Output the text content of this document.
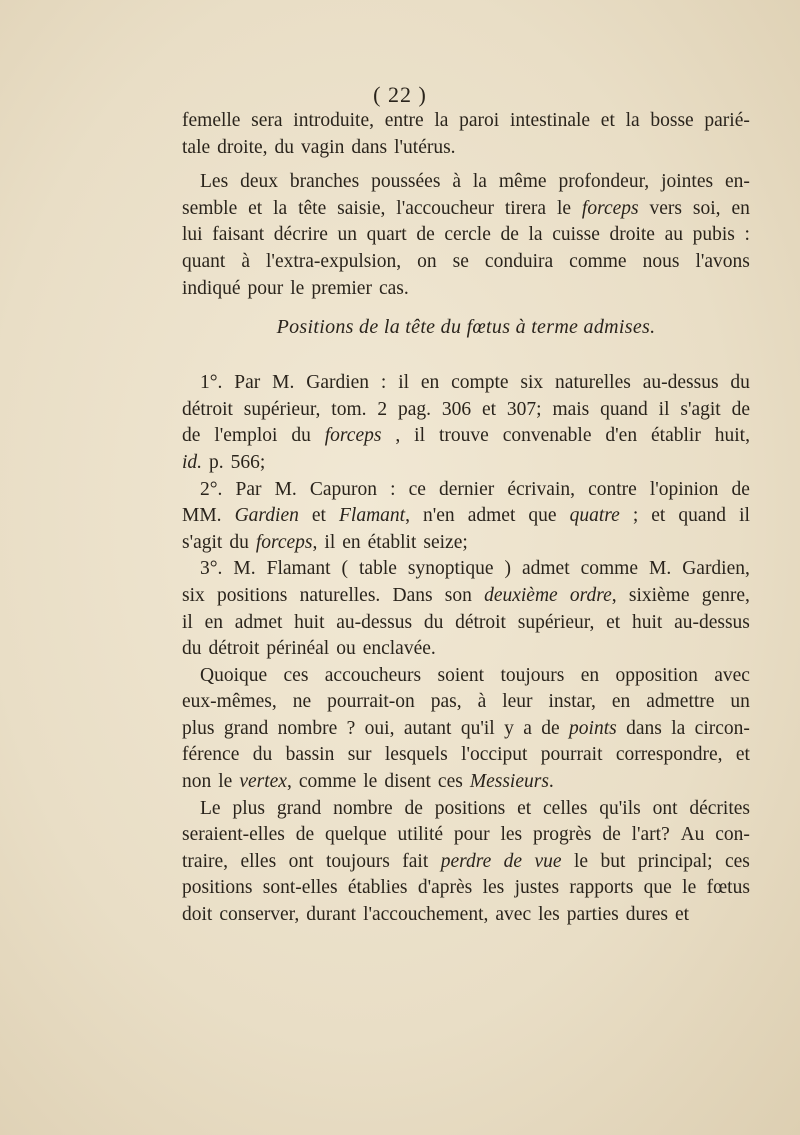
( 22 )
femelle sera introduite, entre la paroi intestinale et la bosse parié-
tale droite, du vagin dans l'utérus.
Les deux branches poussées à la même profondeur, jointes en-
semble et la tête saisie, l'accoucheur tirera le forceps vers soi, en
lui faisant décrire un quart de cercle de la cuisse droite au pubis :
quant à l'extra-expulsion, on se conduira comme nous l'avons
indiqué pour le premier cas.
Positions de la tête du fœtus à terme admises.
1°. Par M. Gardien : il en compte six naturelles au-dessus du
détroit supérieur, tom. 2 pag. 306 et 307; mais quand il s'agit de
de l'emploi du forceps , il trouve convenable d'en établir huit,
id. p. 566;
2°. Par M. Capuron : ce dernier écrivain, contre l'opinion de
MM. Gardien et Flamant, n'en admet que quatre ; et quand il
s'agit du forceps, il en établit seize;
3°. M. Flamant ( table synoptique ) admet comme M. Gardien,
six positions naturelles. Dans son deuxième ordre, sixième genre,
il en admet huit au-dessus du détroit supérieur, et huit au-dessus
du détroit périnéal ou enclavée.
Quoique ces accoucheurs soient toujours en opposition avec
eux-mêmes, ne pourrait-on pas, à leur instar, en admettre un
plus grand nombre ? oui, autant qu'il y a de points dans la circon-
férence du bassin sur lesquels l'occiput pourrait correspondre, et
non le vertex, comme le disent ces Messieurs.
Le plus grand nombre de positions et celles qu'ils ont décrites
seraient-elles de quelque utilité pour les progrès de l'art? Au con-
traire, elles ont toujours fait perdre de vue le but principal; ces
positions sont-elles établies d'après les justes rapports que le fœtus
doit conserver, durant l'accouchement, avec les parties dures et
